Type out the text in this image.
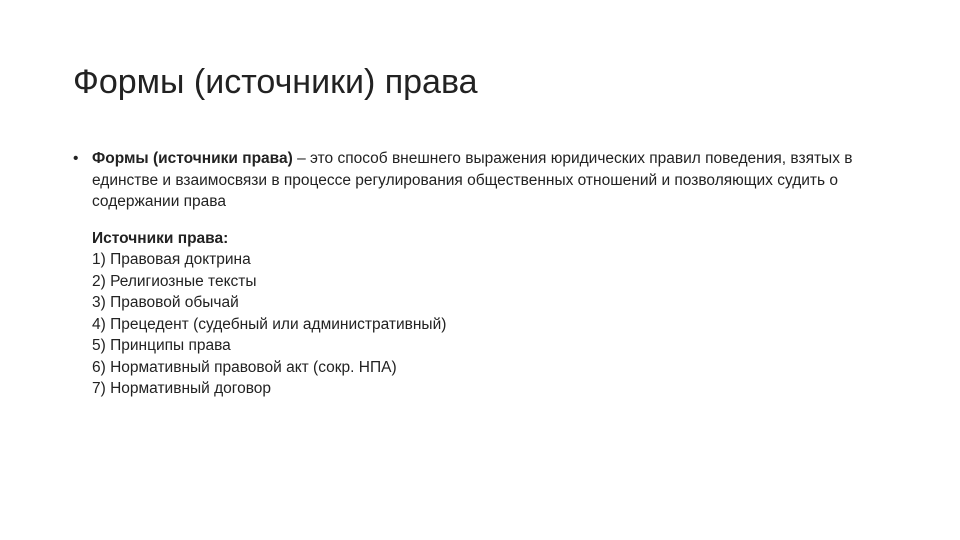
Формы (источники) права
• Формы (источники права) – это способ внешнего выражения юридических правил поведения, взятых в единстве и взаимосвязи в процессе регулирования общественных отношений и позволяющих судить о содержании права
Источники права:
1) Правовая доктрина
2) Религиозные тексты
3) Правовой обычай
4) Прецедент (судебный или административный)
5) Принципы права
6) Нормативный правовой акт (сокр. НПА)
7) Нормативный договор
